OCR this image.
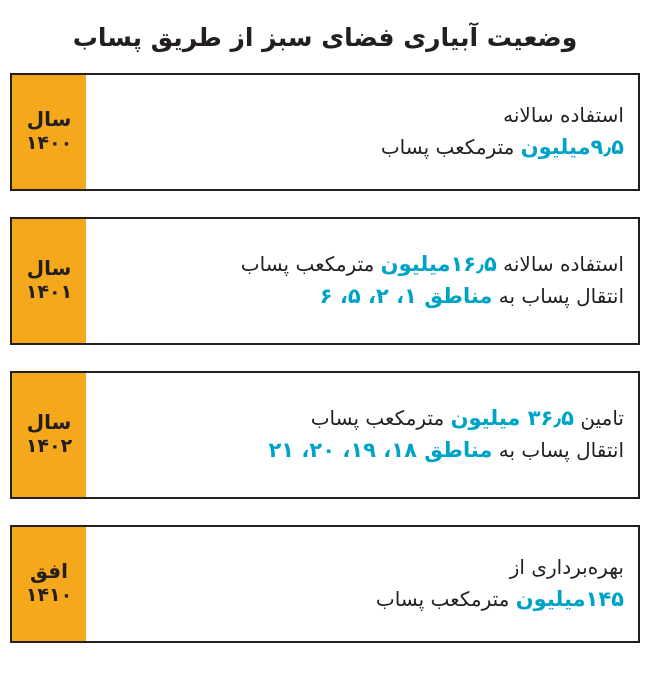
وضعیت آبیاری فضای سبز از طریق پساب
استفاده سالانه
۹٫۵میلیون مترمکعب پساب
سال
۱۴۰۰
استفاده سالانه ۱۶٫۵میلیون مترمکعب پساب
انتقال پساب به مناطق ۱، ۲، ۵، ۶
سال
۱۴۰۱
تامین ۳۶٫۵ میلیون مترمکعب پساب
انتقال پساب به مناطق ۱۸، ۱۹، ۲۰، ۲۱
سال
۱۴۰۲
بهره‌برداری از
۱۴۵میلیون مترمکعب پساب
افق
۱۴۱۰
